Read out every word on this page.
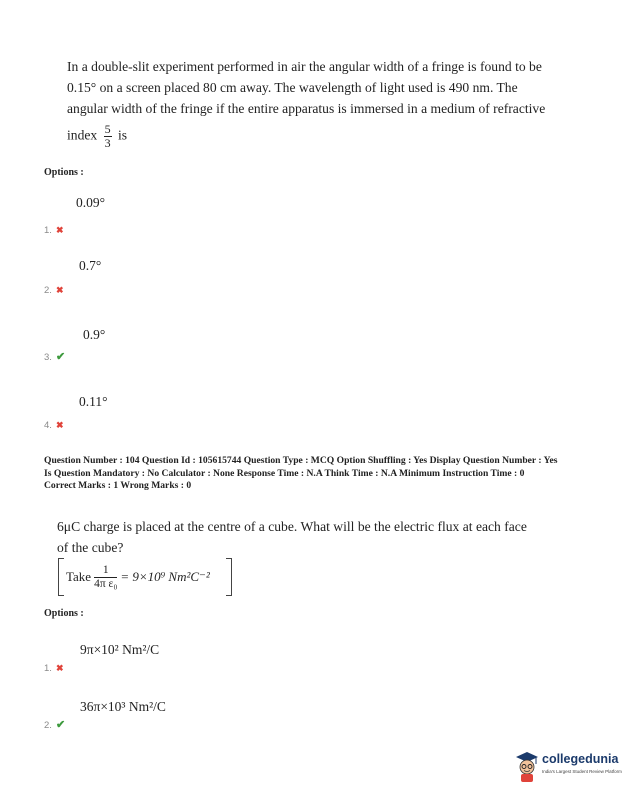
In a double-slit experiment performed in air the angular width of a fringe is found to be
0.15° on a screen placed 80 cm away. The wavelength of light used is 490 nm. The
angular width of the fringe if the entire apparatus is immersed in a medium of refractive
index $\frac{5}{3}$ is
Options :
0.09°
1. ✖
0.7°
2. ✖
0.9°
3. ✔
0.11°
4. ✖
Question Number : 104 Question Id : 105615744 Question Type : MCQ Option Shuffling : Yes Display Question Number : Yes
Is Question Mandatory : No Calculator : None Response Time : N.A Think Time : N.A Minimum Instruction Time : 0
Correct Marks : 1 Wrong Marks : 0
6μC charge is placed at the centre of a cube. What will be the electric flux at each face
of the cube?
Take $\frac{1}{\text{4π ε₀}} = 9\times 10^9$ Nm²C⁻²
Options :
9π×10² Nm²/C
1. ✖
36π×10³ Nm²/C
2. ✔
collegedunia
India's Largest Student Review Platform
